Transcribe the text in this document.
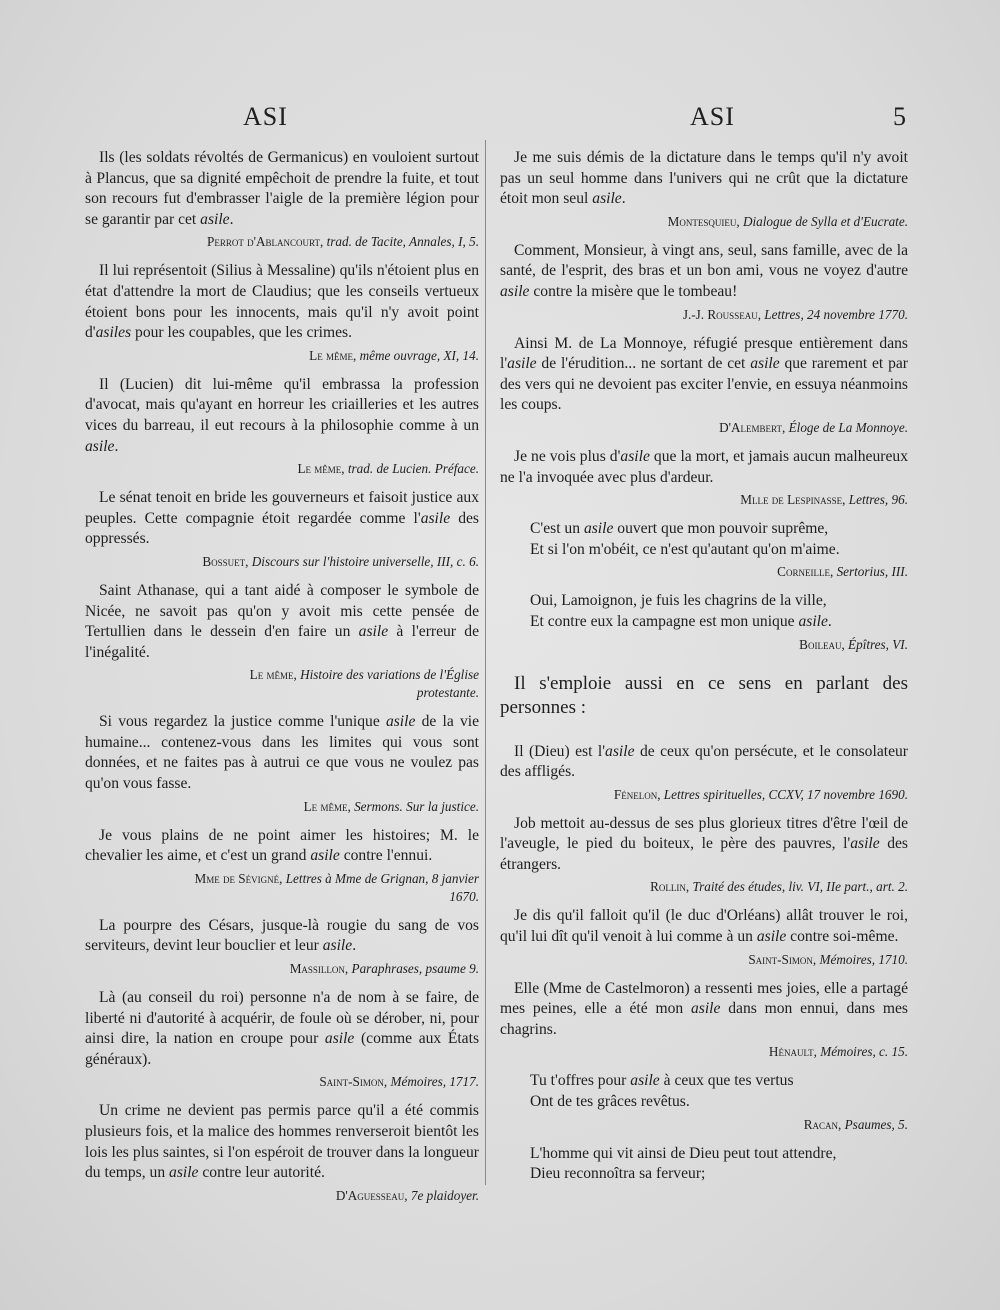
ASI	ASI	5

Ils (les soldats révoltés de Germanicus) en vouloient surtout à Plancus, que sa dignité empêchoit de prendre la fuite, et tout son recours fut d'embrasser l'aigle de la première légion pour se garantir par cet asile.

Perrot d'Ablancourt, trad. de Tacite, Annales, I, 5.

Il lui représentoit (Silius à Messaline) qu'ils n'étoient plus en état d'attendre la mort de Claudius; que les conseils vertueux étoient bons pour les innocents, mais qu'il n'y avoit point d'asiles pour les coupables, que les crimes.

Le même, même ouvrage, XI, 14.

Il (Lucien) dit lui-même qu'il embrassa la profession d'avocat, mais qu'ayant en horreur les criailleries et les autres vices du barreau, il eut recours à la philosophie comme à un asile.

Le même, trad. de Lucien. Préface.

Le sénat tenoit en bride les gouverneurs et faisoit justice aux peuples. Cette compagnie étoit regardée comme l'asile des oppressés.

Bossuet, Discours sur l'histoire universelle, III, c. 6.

Saint Athanase, qui a tant aidé à composer le symbole de Nicée, ne savoit pas qu'on y avoit mis cette pensée de Tertullien dans le dessein d'en faire un asile à l'erreur de l'inégalité.

Le même, Histoire des variations de l'Église protestante.

Si vous regardez la justice comme l'unique asile de la vie humaine... contenez-vous dans les limites qui vous sont données, et ne faites pas à autrui ce que vous ne voulez pas qu'on vous fasse.

Le même, Sermons. Sur la justice.

Je vous plains de ne point aimer les histoires; M. le chevalier les aime, et c'est un grand asile contre l'ennui.

Mme de Sévigné, Lettres à Mme de Grignan, 8 janvier 1670.

La pourpre des Césars, jusque-là rougie du sang de vos serviteurs, devint leur bouclier et leur asile.

Massillon, Paraphrases, psaume 9.

Là (au conseil du roi) personne n'a de nom à se faire, de liberté ni d'autorité à acquérir, de foule où se dérober, ni, pour ainsi dire, la nation en croupe pour asile (comme aux États généraux).

Saint-Simon, Mémoires, 1717.

Un crime ne devient pas permis parce qu'il a été commis plusieurs fois, et la malice des hommes renverseroit bientôt les lois les plus saintes, si l'on espéroit de trouver dans la longueur du temps, un asile contre leur autorité.

D'Aguesseau, 7e plaidoyer.

Je me suis démis de la dictature dans le temps qu'il n'y avoit pas un seul homme dans l'univers qui ne crût que la dictature étoit mon seul asile.

Montesquieu, Dialogue de Sylla et d'Eucrate.

Comment, Monsieur, à vingt ans, seul, sans famille, avec de la santé, de l'esprit, des bras et un bon ami, vous ne voyez d'autre asile contre la misère que le tombeau!

J.-J. Rousseau, Lettres, 24 novembre 1770.

Ainsi M. de La Monnoye, réfugié presque entièrement dans l'asile de l'érudition... ne sortant de cet asile que rarement et par des vers qui ne devoient pas exciter l'envie, en essuya néanmoins les coups.

D'Alembert, Éloge de La Monnoye.

Je ne vois plus d'asile que la mort, et jamais aucun malheureux ne l'a invoquée avec plus d'ardeur.

Mlle de Lespinasse, Lettres, 96.

C'est un asile ouvert que mon pouvoir suprême,

Et si l'on m'obéit, ce n'est qu'autant qu'on m'aime.

Corneille, Sertorius, III.

Oui, Lamoignon, je fuis les chagrins de la ville,

Et contre eux la campagne est mon unique asile.

Boileau, Épîtres, VI.

Il s'emploie aussi en ce sens en parlant des personnes :

Il (Dieu) est l'asile de ceux qu'on persécute, et le consolateur des affligés.

Fénelon, Lettres spirituelles, CCXV, 17 novembre 1690.

Job mettoit au-dessus de ses plus glorieux titres d'être l'œil de l'aveugle, le pied du boiteux, le père des pauvres, l'asile des étrangers.

Rollin, Traité des études, liv. VI, IIe part., art. 2.

Je dis qu'il falloit qu'il (le duc d'Orléans) allât trouver le roi, qu'il lui dît qu'il venoit à lui comme à un asile contre soi-même.

Saint-Simon, Mémoires, 1710.

Elle (Mme de Castelmoron) a ressenti mes joies, elle a partagé mes peines, elle a été mon asile dans mon ennui, dans mes chagrins.

Hénault, Mémoires, c. 15.

Tu t'offres pour asile à ceux que tes vertus

Ont de tes grâces revêtus.

Racan, Psaumes, 5.

L'homme qui vit ainsi de Dieu peut tout attendre,

Dieu reconnoîtra sa ferveur;
